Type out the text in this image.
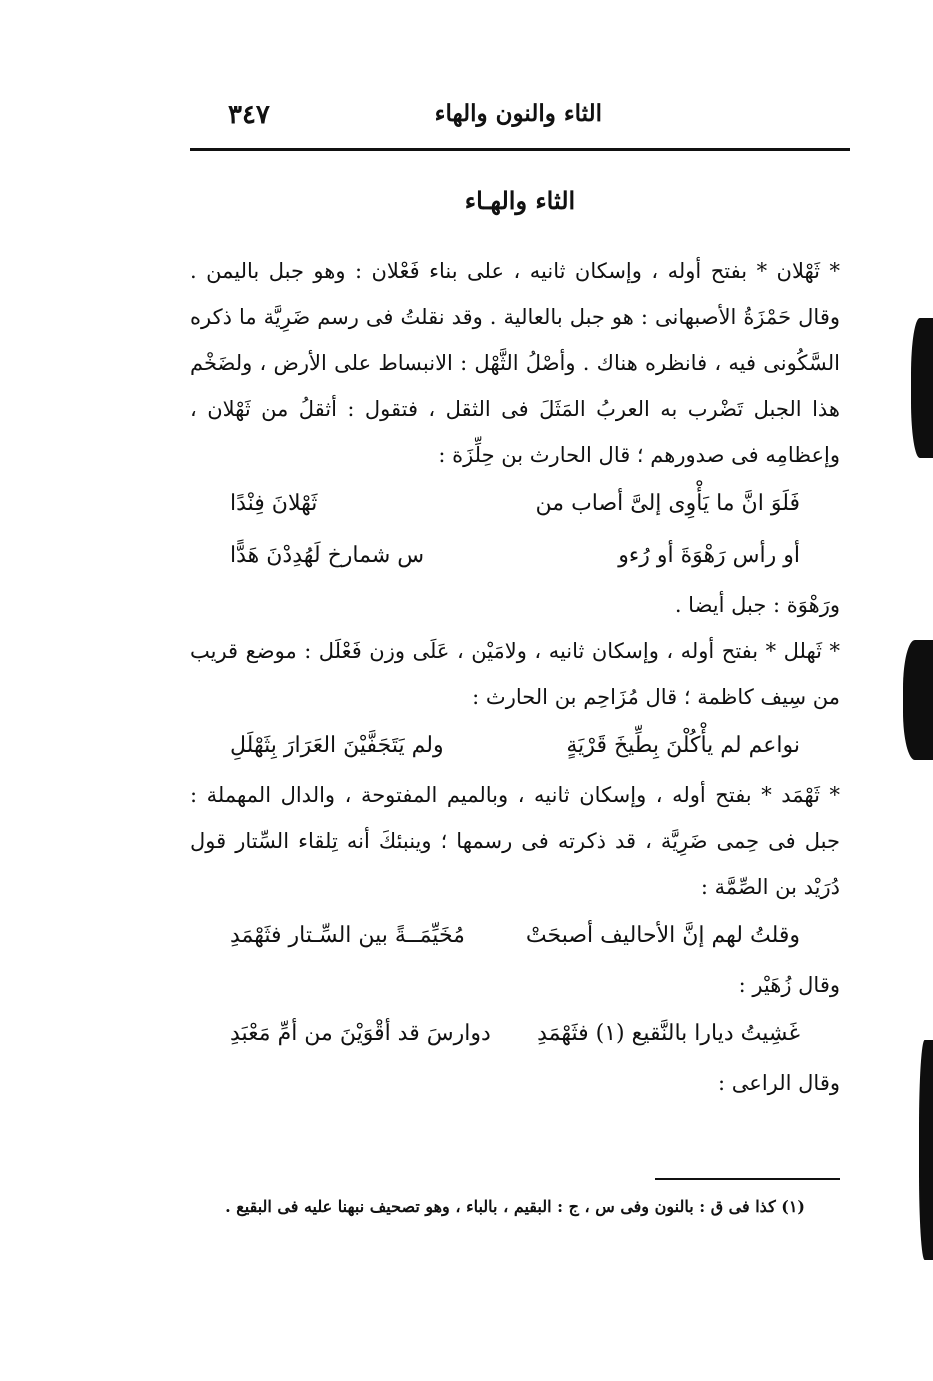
٣٤٧	الثاء والنون والهاء
الثاء والهـاء

* ثَهْلان * بفتح أوله ، وإسكان ثانيه ، على بناء فَعْلان : وهو جبل باليمن . وقال حَمْزَةُ الأصبهانى : هو جبل بالعالية . وقد نقلتُ فى رسم ضَرِيَّة ما ذكره السَّكُونى فيه ، فانظره هناك . وأصْلُ الثَّهْل : الانبساط على الأرض ، ولضَخْم هذا الجبل تَضْرب به العربُ المَثَلَ فى الثقل ، فتقول : أثقلُ من ثَهْلان ، وإعظامِه فى صدورهم ؛ قال الحارث بن حِلِّزَة :

فَلَوَ انَّ ما يَأْوِى إلىَّ أصاب من
ثَهْلانَ فِنْدًا
أو رأس رَهْوَةَ أو رُءو
س شمارخ لَهُدِدْنَ هَدًّا

ورَهْوَة : جبل أيضا .

* ثَهلل * بفتح أوله ، وإسكان ثانيه ، ولامَيْن ، عَلَى وزن فَعْلَل : موضع قريب من سِيف كاظمة ؛ قال مُزَاحِم بن الحارث :

نواعم لم يأْكُلْنَ بِطِّيخَ قَرْيَةٍ
ولم يَتَجَفَّيْنَ العَرَارَ بِثَهْلَلِ

* ثَهْمَد * بفتح أوله ، وإسكان ثانيه ، وبالميم المفتوحة ، والدال المهملة : جبل فى حِمى ضَرِيَّة ، قد ذكرته فى رسمها ؛ وينبئكَ أنه تِلقاء السِّتار قول دُرَيْد بن الصِّمَّة :

وقلتُ لهم إنَّ الأحاليف أصبحَتْ
مُخَيِّمَــةً بين السِّـتار فثَهْمَدِ

وقال زُهَيْر :

غَشِيتُ ديارا بالنَّقيع (١) فثَهْمَدِ
دوارسَ قد أقْوَيْنَ من أمِّ مَعْبَدِ

وقال الراعى :

(١) كذا فى ق : بالنون وفى س ، ج : البقيم ، بالباء ، وهو تصحيف نبهنا عليه فى البقيع .
